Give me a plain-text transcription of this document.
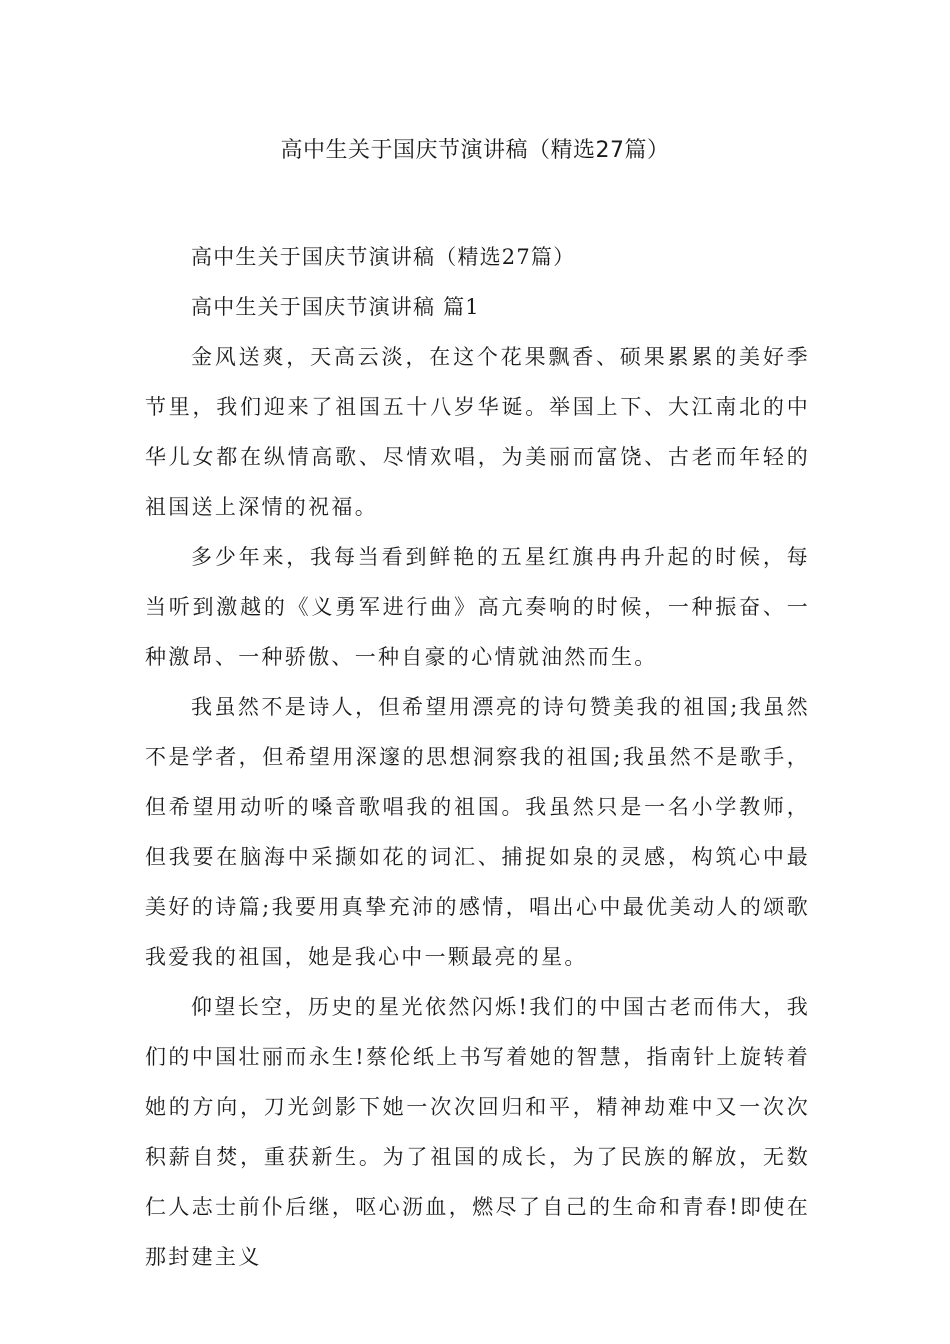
高中生关于国庆节演讲稿（精选27篇）

高中生关于国庆节演讲稿（精选27篇）

高中生关于国庆节演讲稿 篇1

金风送爽，天高云淡，在这个花果飘香、硕果累累的美好季节里，我们迎来了祖国五十八岁华诞。举国上下、大江南北的中华儿女都在纵情高歌、尽情欢唱，为美丽而富饶、古老而年轻的祖国送上深情的祝福。

多少年来，我每当看到鲜艳的五星红旗冉冉升起的时候，每当听到激越的《义勇军进行曲》高亢奏响的时候，一种振奋、一种激昂、一种骄傲、一种自豪的心情就油然而生。

我虽然不是诗人，但希望用漂亮的诗句赞美我的祖国;我虽然不是学者，但希望用深邃的思想洞察我的祖国;我虽然不是歌手，但希望用动听的嗓音歌唱我的祖国。我虽然只是一名小学教师，但我要在脑海中采撷如花的词汇、捕捉如泉的灵感，构筑心中最美好的诗篇;我要用真挚充沛的感情，唱出心中最优美动人的颂歌我爱我的祖国，她是我心中一颗最亮的星。

仰望长空，历史的星光依然闪烁!我们的中国古老而伟大，我们的中国壮丽而永生!蔡伦纸上书写着她的智慧，指南针上旋转着她的方向，刀光剑影下她一次次回归和平，精神劫难中又一次次积薪自焚，重获新生。为了祖国的成长，为了民族的解放，无数仁人志士前仆后继，呕心沥血，燃尽了自己的生命和青春!即使在那封建主义
